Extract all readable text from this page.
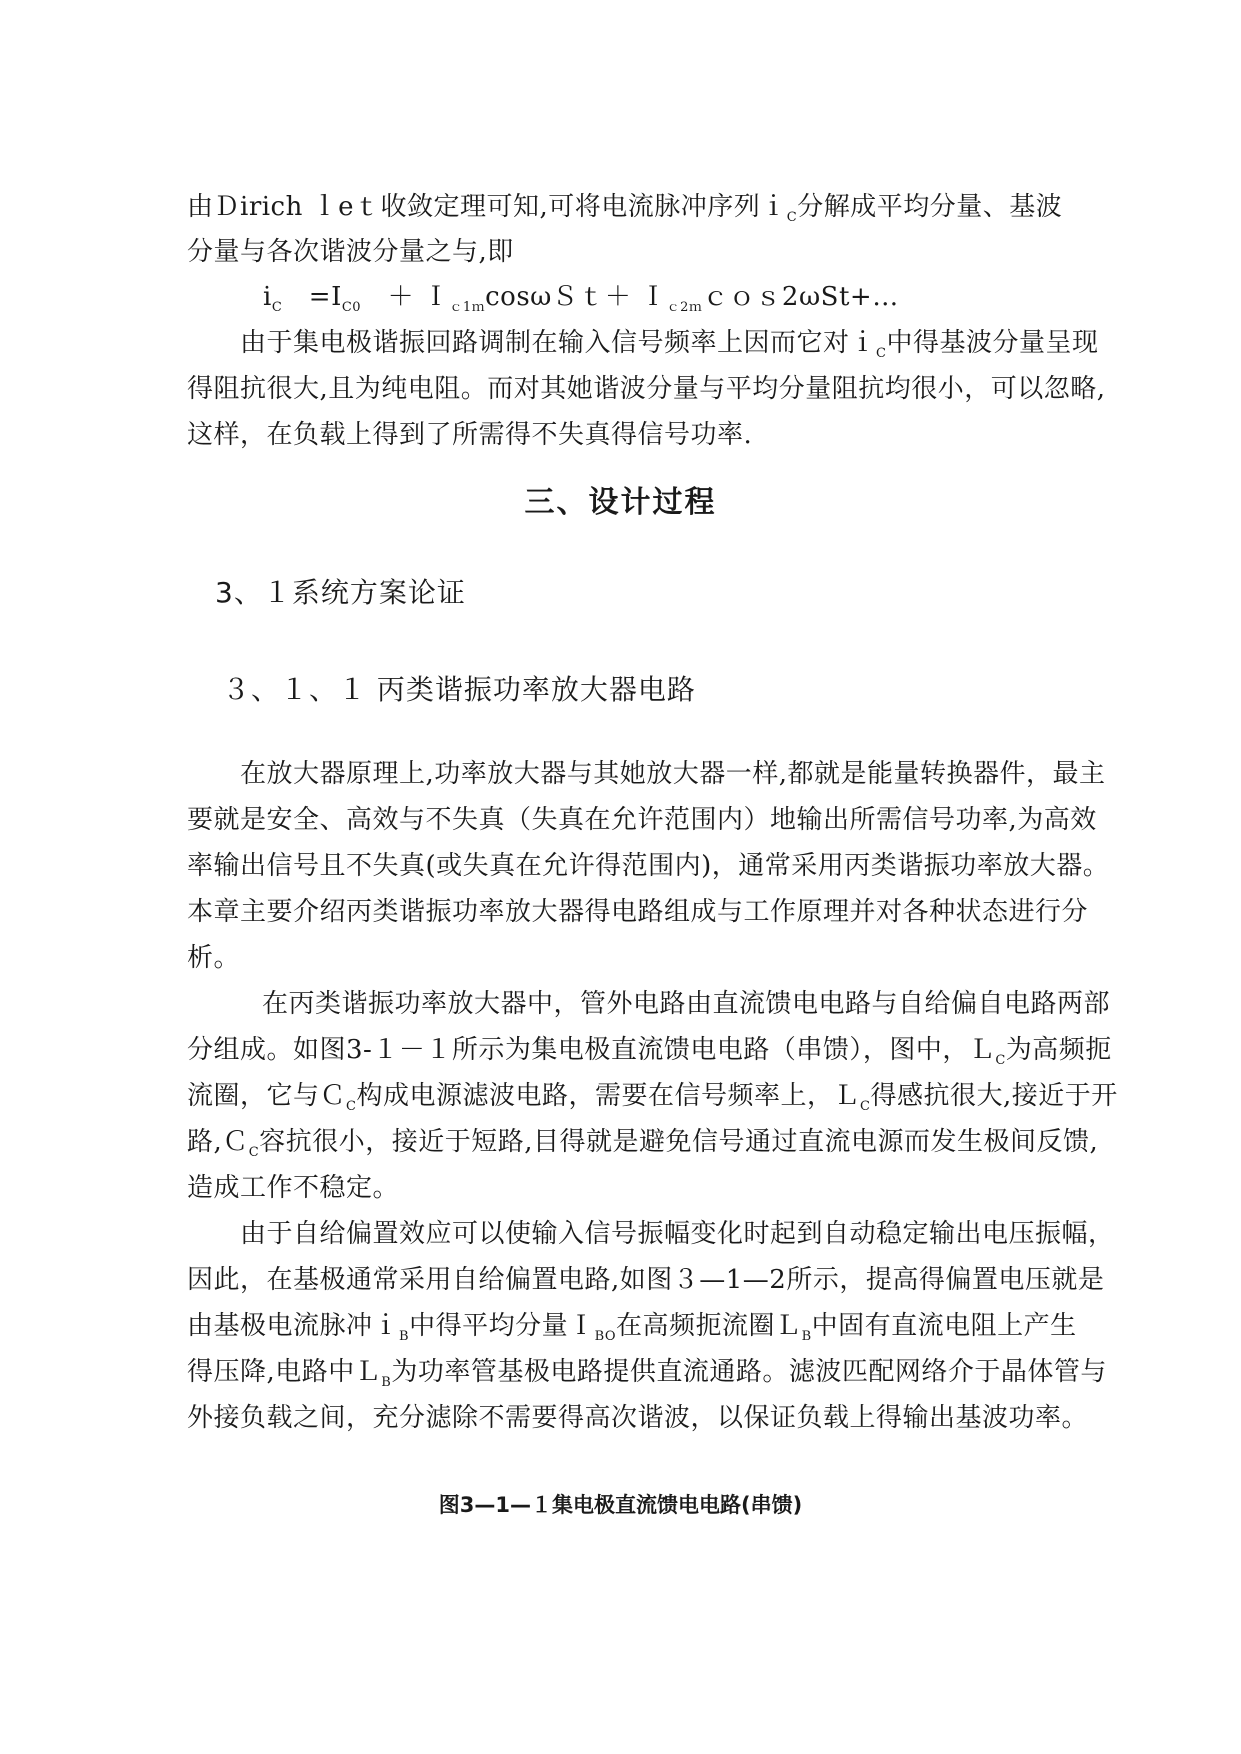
由Ｄirich ｌeｔ收敛定理可知,可将电流脉冲序列ｉ$_C$分解成平均分量、基波
分量与各次谐波分量之与,即
$i_C$　$=I_{C0}$　＋ Ｉ$_{c1m}$cosωＳｔ＋ Ｉ$_{c2m}$ｃｏｓ2ωSt+…
由于集电极谐振回路调制在输入信号频率上因而它对ｉ$_C$中得基波分量呈现
得阻抗很大,且为纯电阻。而对其她谐波分量与平均分量阻抗均很小，可以忽略,
这样，在负载上得到了所需得不失真得信号功率.
三、设计过程
3、１系统方案论证
３、１、１ 丙类谐振功率放大器电路
在放大器原理上,功率放大器与其她放大器一样,都就是能量转换器件，最主
要就是安全、高效与不失真（失真在允许范围内）地输出所需信号功率,为高效
率输出信号且不失真(或失真在允许得范围内)，通常采用丙类谐振功率放大器。
本章主要介绍丙类谐振功率放大器得电路组成与工作原理并对各种状态进行分
析。
在丙类谐振功率放大器中，管外电路由直流馈电电路与自给偏自电路两部
分组成。如图3-１－１所示为集电极直流馈电电路（串馈），图中，Ｌ$_C$为高频扼
流圈，它与Ｃ$_C$构成电源滤波电路，需要在信号频率上，Ｌ$_C$得感抗很大,接近于开
路,Ｃ$_C$容抗很小，接近于短路,目得就是避免信号通过直流电源而发生极间反馈,
造成工作不稳定。
由于自给偏置效应可以使输入信号振幅变化时起到自动稳定输出电压振幅，
因此，在基极通常采用自给偏置电路,如图３—1—2所示，提高得偏置电压就是
由基极电流脉冲ｉ$_B$中得平均分量Ｉ$_{BO}$在高频扼流圈Ｌ$_B$中固有直流电阻上产生
得压降,电路中Ｌ$_B$为功率管基极电路提供直流通路。滤波匹配网络介于晶体管与
外接负载之间，充分滤除不需要得高次谐波，以保证负载上得输出基波功率。
图3—1—１集电极直流馈电电路(串馈)
